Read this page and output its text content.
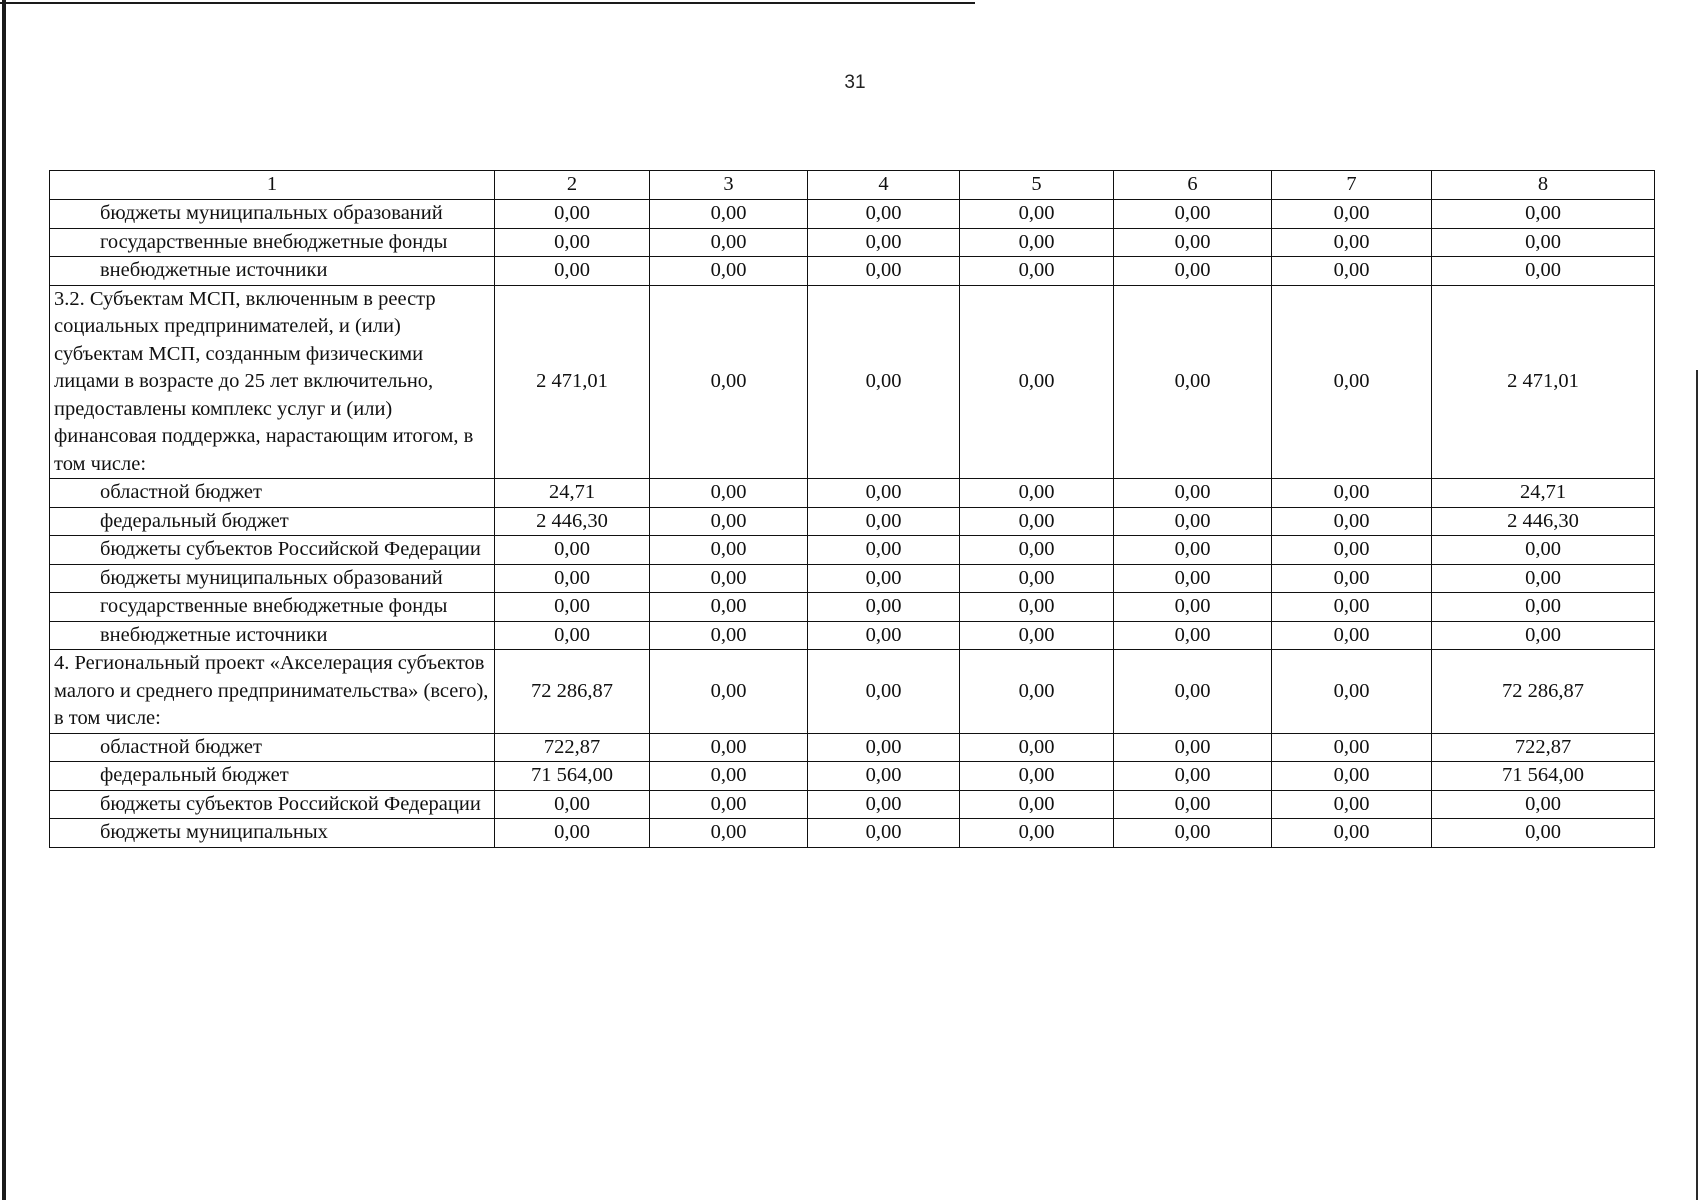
31
1	2	3	4	5	6	7	8
бюджеты муниципальных образований	0,00	0,00	0,00	0,00	0,00	0,00	0,00
государственные внебюджетные фонды	0,00	0,00	0,00	0,00	0,00	0,00	0,00
внебюджетные источники	0,00	0,00	0,00	0,00	0,00	0,00	0,00
3.2. Субъектам МСП, включенным в реестр социальных предпринимателей, и (или) субъектам МСП, созданным физическими лицами в возрасте до 25 лет включительно, предоставлены комплекс услуг и (или) финансовая поддержка, нарастающим итогом, в том числе:	2 471,01	0,00	0,00	0,00	0,00	0,00	2 471,01
областной бюджет	24,71	0,00	0,00	0,00	0,00	0,00	24,71
федеральный бюджет	2 446,30	0,00	0,00	0,00	0,00	0,00	2 446,30
бюджеты субъектов Российской Федерации	0,00	0,00	0,00	0,00	0,00	0,00	0,00
бюджеты муниципальных образований	0,00	0,00	0,00	0,00	0,00	0,00	0,00
государственные внебюджетные фонды	0,00	0,00	0,00	0,00	0,00	0,00	0,00
внебюджетные источники	0,00	0,00	0,00	0,00	0,00	0,00	0,00
4. Региональный проект «Акселерация субъектов малого и среднего предпринимательства» (всего), в том числе:	72 286,87	0,00	0,00	0,00	0,00	0,00	72 286,87
областной бюджет	722,87	0,00	0,00	0,00	0,00	0,00	722,87
федеральный бюджет	71 564,00	0,00	0,00	0,00	0,00	0,00	71 564,00
бюджеты субъектов Российской Федерации	0,00	0,00	0,00	0,00	0,00	0,00	0,00
бюджеты муниципальных	0,00	0,00	0,00	0,00	0,00	0,00	0,00
